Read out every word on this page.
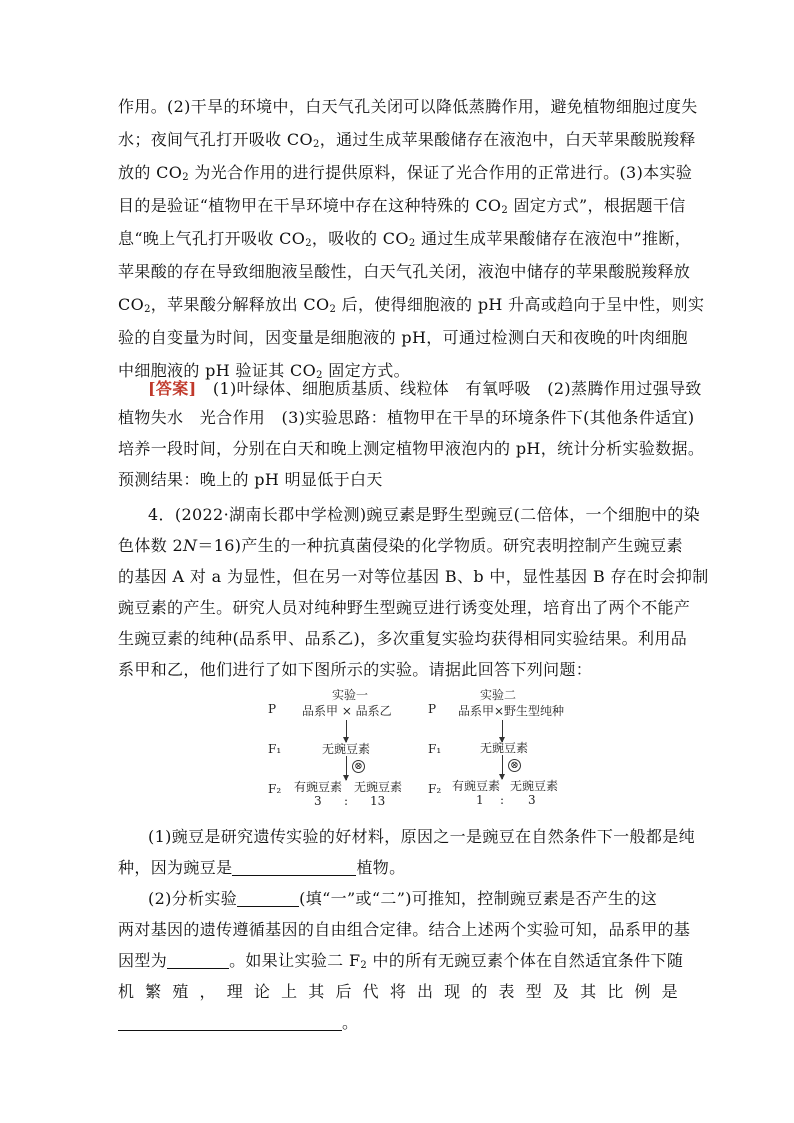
作用。(2)干旱的环境中，白天气孔关闭可以降低蒸腾作用，避免植物细胞过度失
水；夜间气孔打开吸收 $CO_2$，通过生成苹果酸储存在液泡中，白天苹果酸脱羧释
放的 $CO_2$ 为光合作用的进行提供原料，保证了光合作用的正常进行。(3)本实验
目的是验证“植物甲在干旱环境中存在这种特殊的 $CO_2$ 固定方式”，根据题干信
息“晚上气孔打开吸收 $CO_2$，吸收的 $CO_2$ 通过生成苹果酸储存在液泡中”推断，
苹果酸的存在导致细胞液呈酸性，白天气孔关闭，液泡中储存的苹果酸脱羧释放
$CO_2$，苹果酸分解释放出 $CO_2$ 后，使得细胞液的 pH 升高或趋向于呈中性，则实
验的自变量为时间，因变量是细胞液的 pH，可通过检测白天和夜晚的叶肉细胞
中细胞液的 pH 验证其 $CO_2$ 固定方式。
[答案]　(1)叶绿体、细胞质基质、线粒体　有氧呼吸　(2)蒸腾作用过强导致
植物失水　光合作用　(3)实验思路：植物甲在干旱的环境条件下(其他条件适宜)
培养一段时间，分别在白天和晚上测定植物甲液泡内的 pH，统计分析实验数据。
预测结果：晚上的 pH 明显低于白天
4．(2022·湖南长郡中学检测)豌豆素是野生型豌豆(二倍体，一个细胞中的染
色体数 2N＝16)产生的一种抗真菌侵染的化学物质。研究表明控制产生豌豆素
的基因 A 对 a 为显性，但在另一对等位基因 B、b 中，显性基因 B 存在时会抑制
豌豆素的产生。研究人员对纯种野生型豌豆进行诱变处理，培育出了两个不能产
生豌豆素的纯种(品系甲、品系乙)，多次重复实验均获得相同实验结果。利用品
系甲和乙，他们进行了如下图所示的实验。请据此回答下列问题：
实验一
P 品系甲 × 品系乙
F₁	无豌豆素
⊗
F₂ 有豌豆素 无豌豆素
3 : 13
实验二
P 品系甲×野生型纯种
F₁	无豌豆素
⊗
F₂ 有豌豆素 无豌豆素
1 : 3
(1)豌豆是研究遗传实验的好材料，原因之一是豌豆在自然条件下一般都是纯
种，因为豌豆是	植物。
(2)分析实验	(填“一”或“二”)可推知，控制豌豆素是否产生的这
两对基因的遗传遵循基因的自由组合定律。结合上述两个实验可知，品系甲的基
因型为	。如果让实验二 $F_2$ 中的所有无豌豆素个体在自然适宜条件下随
机 繁 殖 ， 理 论 上 其 后 代 将 出 现 的 表 型 及 其 比 例 是
。
